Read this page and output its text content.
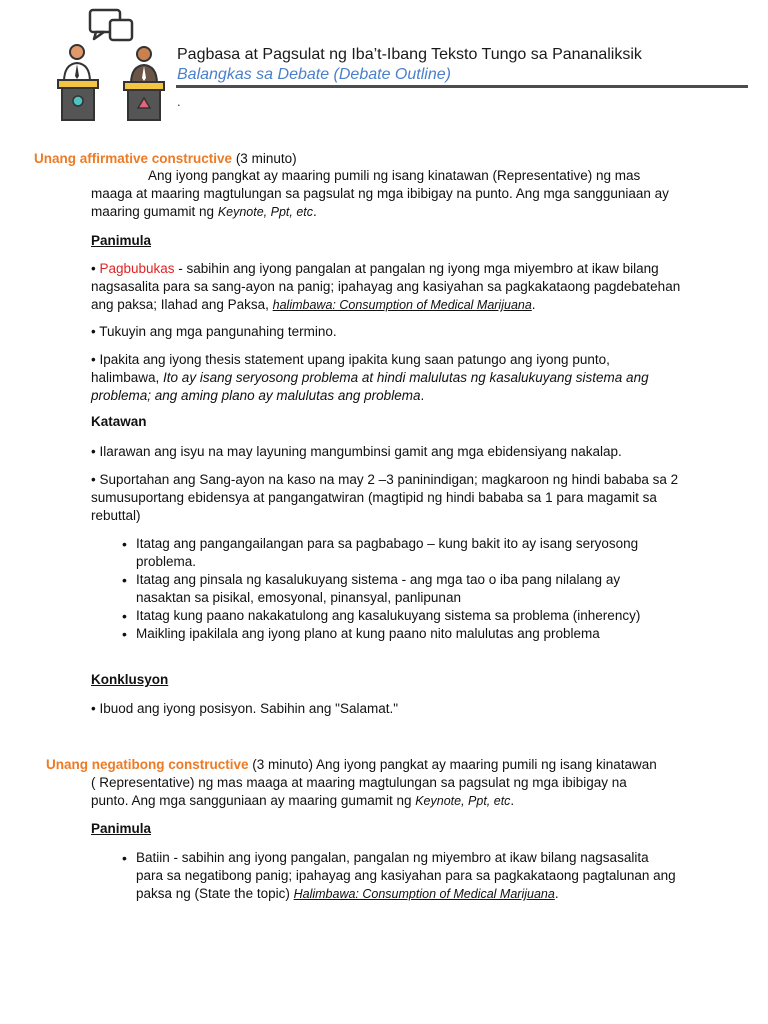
Pagbasa at Pagsulat ng Iba’t-Ibang Teksto Tungo sa Pananaliksik
Balangkas sa Debate (Debate Outline)
.
Unang affirmative constructive (3 minuto)
Ang iyong pangkat ay maaring pumili ng isang kinatawan (Representative) ng mas
maaga at maaring magtulungan sa pagsulat ng mga ibibigay na punto. Ang mga sangguniaan ay maaring gumamit ng Keynote, Ppt, etc.
Panimula
• Pagbubukas - sabihin ang iyong pangalan at pangalan ng iyong mga miyembro at ikaw bilang nagsasalita para sa sang-ayon na panig; ipahayag ang kasiyahan sa pagkakataong pagdebatehan ang paksa; Ilahad ang Paksa, halimbawa: Consumption of Medical Marijuana.
• Tukuyin ang mga pangunahing termino.
• Ipakita ang iyong thesis statement upang ipakita kung saan patungo ang iyong punto, halimbawa, Ito ay isang seryosong problema at hindi malulutas ng kasalukuyang sistema ang problema; ang aming plano ay malulutas ang problema.
Katawan
• Ilarawan ang isyu na may layuning mangumbinsi gamit ang mga ebidensiyang nakalap.
• Suportahan ang Sang-ayon na kaso na may 2 –3 paninindigan; magkaroon ng hindi bababa sa 2 sumusuportang ebidensya at pangangatwiran (magtipid ng hindi bababa sa 1 para magamit sa rebuttal)
• Itatag ang pangangailangan para sa pagbabago – kung bakit ito ay isang seryosong problema.
• Itatag ang pinsala ng kasalukuyang sistema - ang mga tao o iba pang nilalang ay nasaktan sa pisikal, emosyonal, pinansyal, panlipunan
• Itatag kung paano nakakatulong ang kasalukuyang sistema sa problema (inherency)
• Maikling ipakilala ang iyong plano at kung paano nito malulutas ang problema
Konklusyon
• Ibuod ang iyong posisyon. Sabihin ang "Salamat."
Unang negatibong constructive (3 minuto) Ang iyong pangkat ay maaring pumili ng isang kinatawan
( Representative) ng mas maaga at maaring magtulungan sa pagsulat ng mga ibibigay na punto. Ang mga sangguniaan ay maaring gumamit ng Keynote, Ppt, etc.
Panimula
• Batiin - sabihin ang iyong pangalan, pangalan ng miyembro at ikaw bilang nagsasalita para sa negatibong panig; ipahayag ang kasiyahan para sa pagkakataong pagtalunan ang paksa ng (State the topic) Halimbawa: Consumption of Medical Marijuana.
